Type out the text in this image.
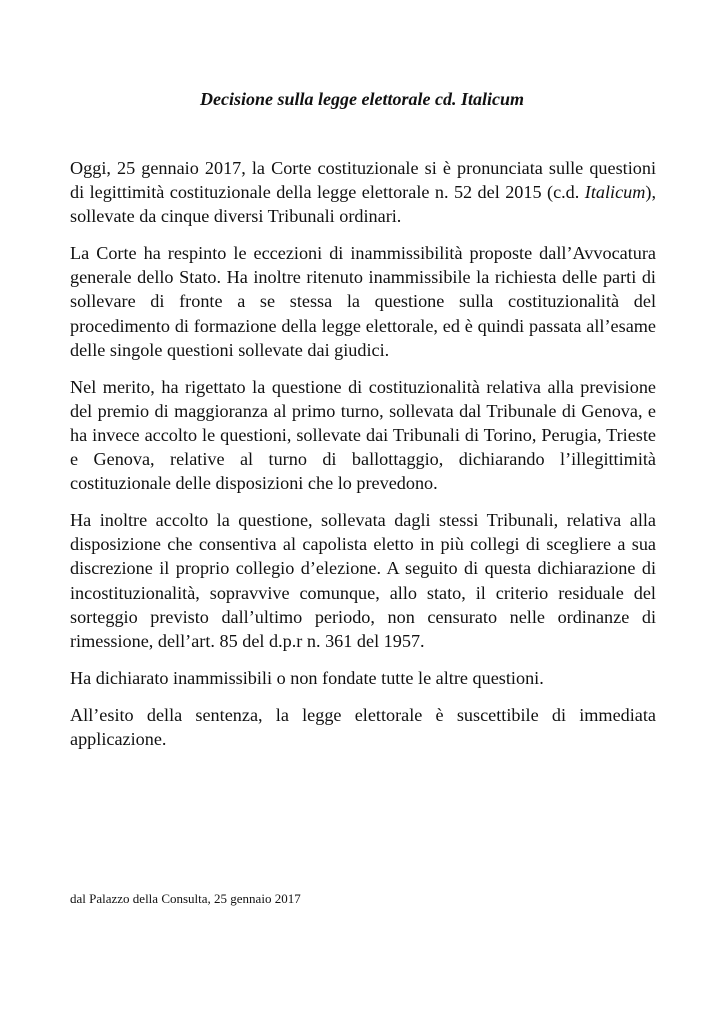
Decisione sulla legge elettorale cd. Italicum

Oggi, 25 gennaio 2017, la Corte costituzionale si è pronunciata sulle questioni di legittimità costituzionale della legge elettorale n. 52 del 2015 (c.d. Italicum), sollevate da cinque diversi Tribunali ordinari.

La Corte ha respinto le eccezioni di inammissibilità proposte dall’Avvocatura generale dello Stato. Ha inoltre ritenuto inammissibile la richiesta delle parti di sollevare di fronte a se stessa la questione sulla costituzionalità del procedimento di formazione della legge elettorale, ed è quindi passata all’esame delle singole questioni sollevate dai giudici.

Nel merito, ha rigettato la questione di costituzionalità relativa alla previsione del premio di maggioranza al primo turno, sollevata dal Tribunale di Genova, e ha invece accolto le questioni, sollevate dai Tribunali di Torino, Perugia, Trieste e Genova, relative al turno di ballottaggio, dichiarando l’illegittimità costituzionale delle disposizioni che lo prevedono.

Ha inoltre accolto la questione, sollevata dagli stessi Tribunali, relativa alla disposizione che consentiva al capolista eletto in più collegi di scegliere a sua discrezione il proprio collegio d’elezione. A seguito di questa dichiarazione di incostituzionalità, sopravvive comunque, allo stato, il criterio residuale del sorteggio previsto dall’ultimo periodo, non censurato nelle ordinanze di rimessione, dell’art. 85 del d.p.r n. 361 del 1957.

Ha dichiarato inammissibili o non fondate tutte le altre questioni.

All’esito della sentenza, la legge elettorale è suscettibile di immediata applicazione.

dal Palazzo della Consulta, 25 gennaio 2017
